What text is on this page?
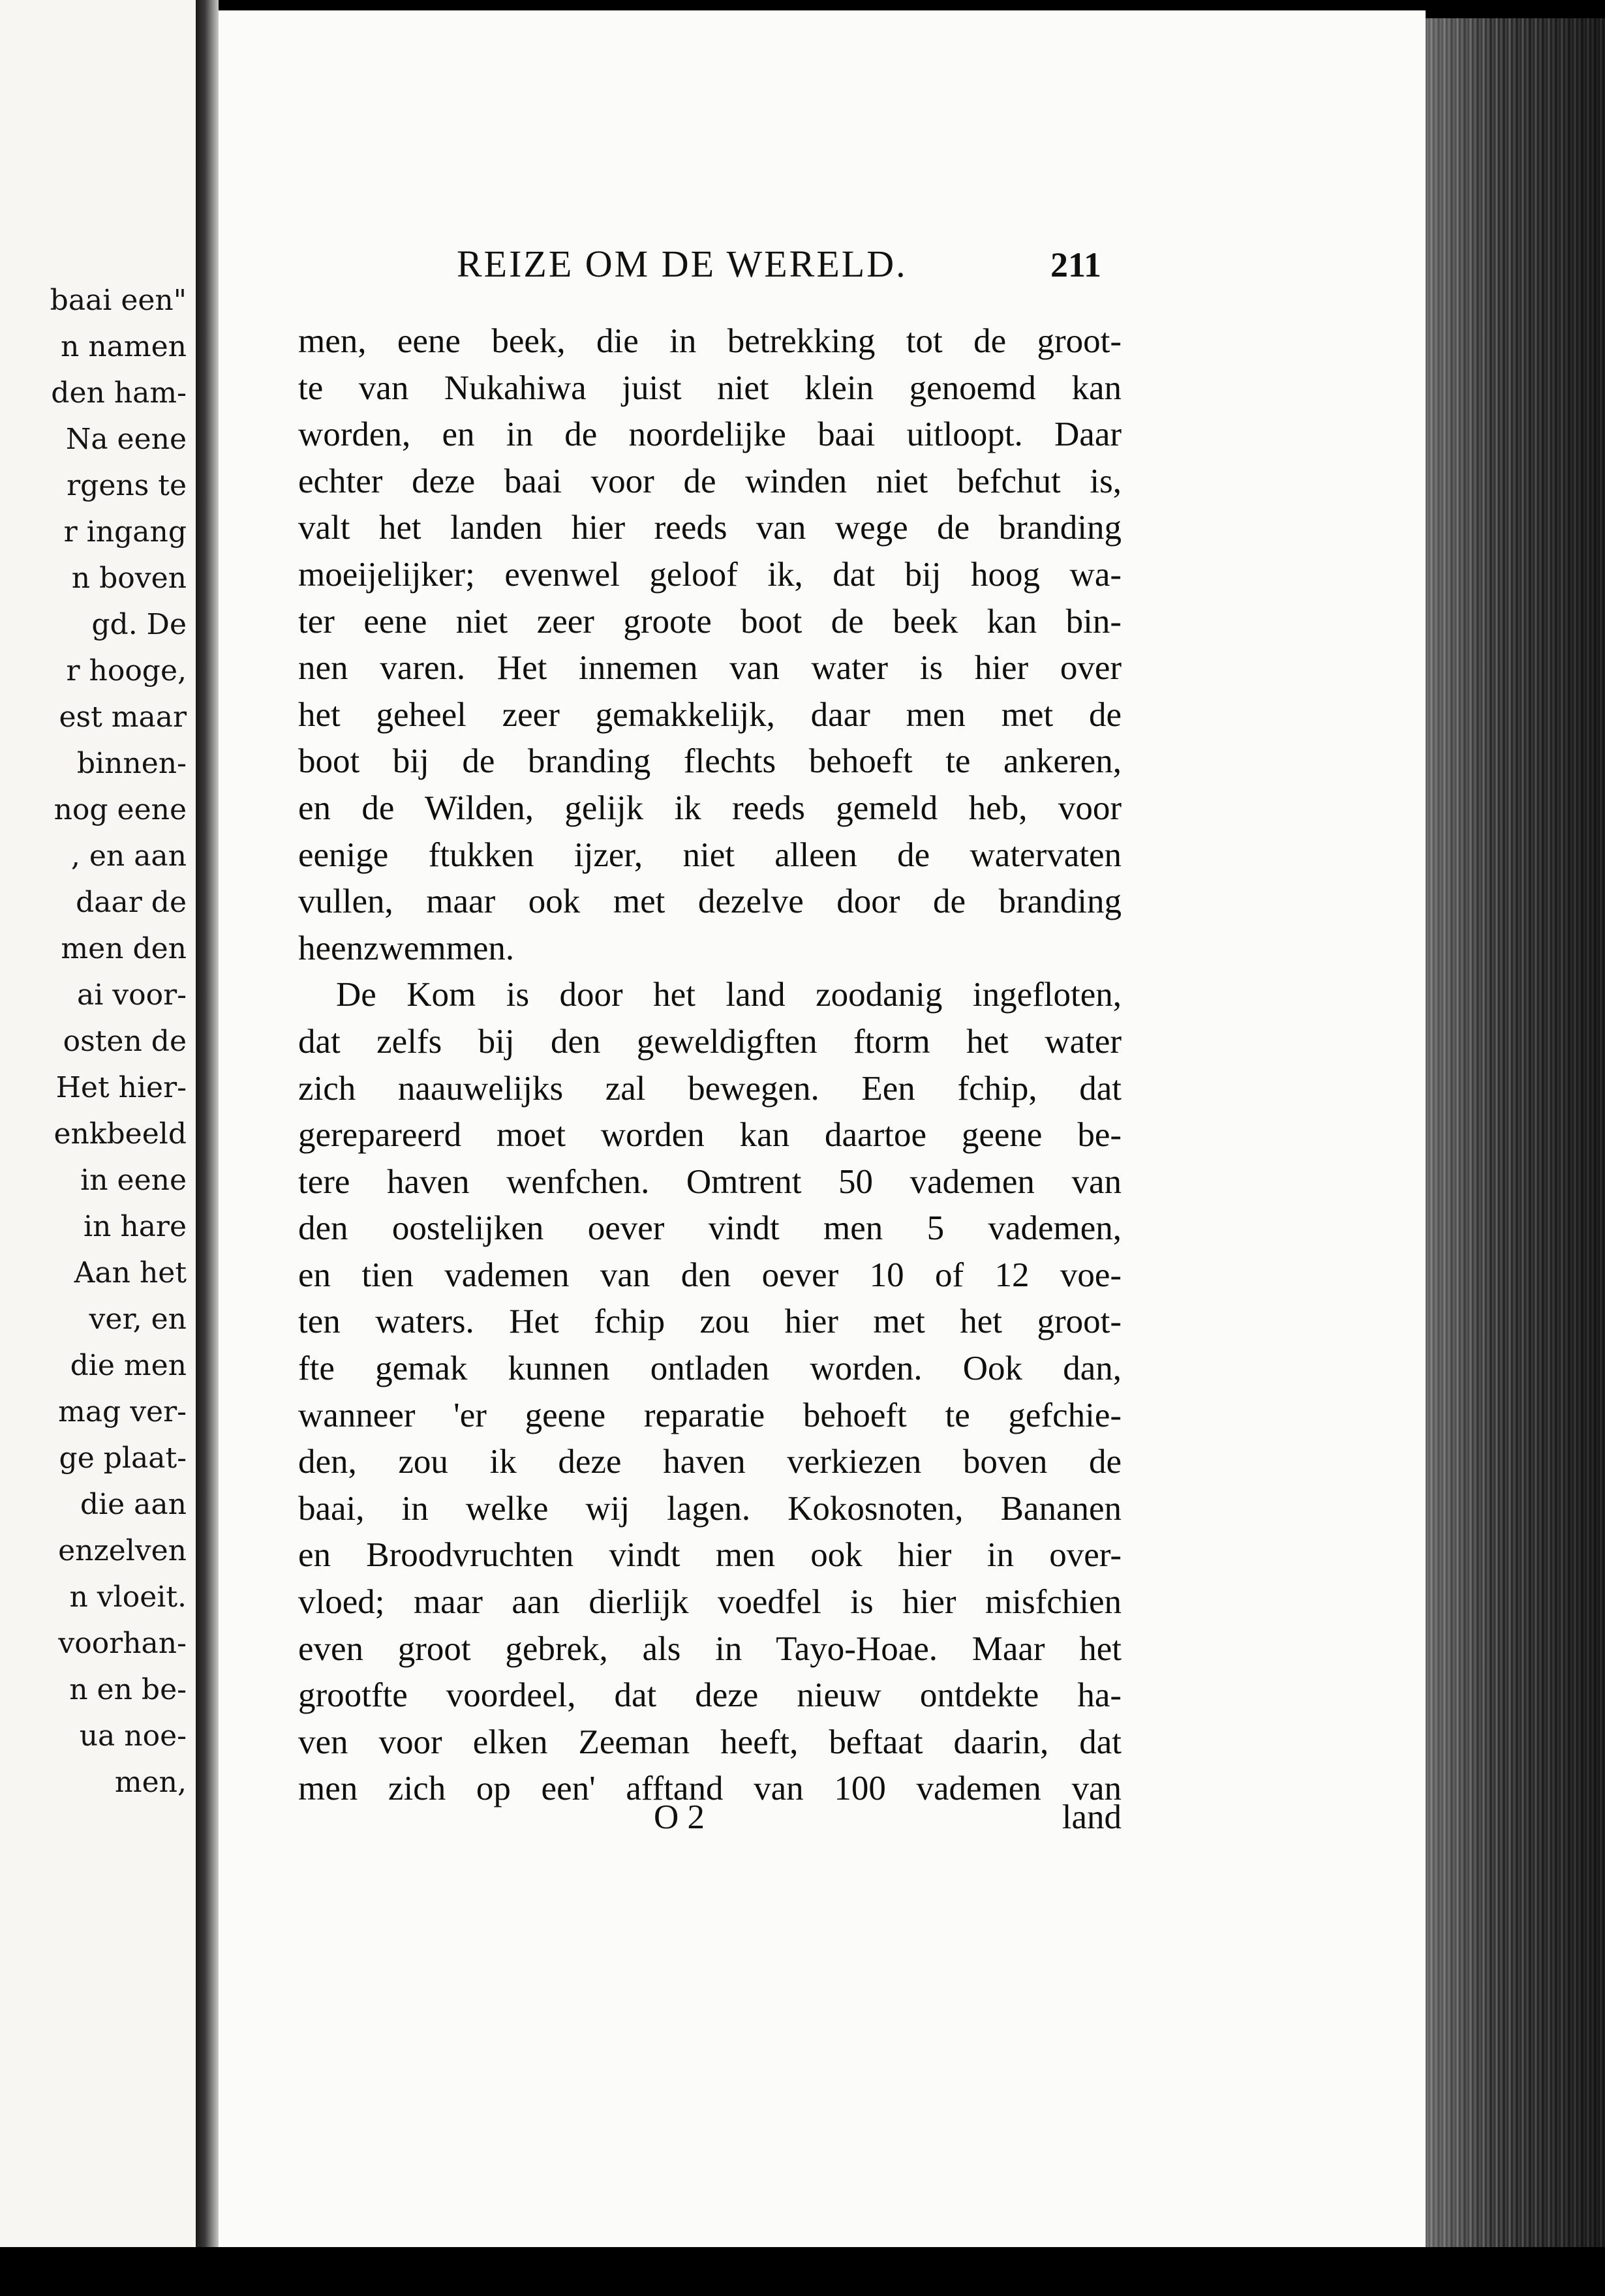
baai een"
n namen
den ham-
Na eene
rgens te
r ingang
n boven
gd. De
r hooge,
est maar
binnen-
nog eene
, en aan
daar de
men den
ai voor-
osten de
Het hier-
enkbeeld
in eene
in hare
Aan het
ver, en
die men
mag ver-
ge plaat-
die aan
enzelven
n vloeit.
voorhan-
n en be-
ua noe-
men,
REIZE OM DE WERELD.	211
men, eene beek, die in betrekking tot de groot-
te van Nukahiwa juist niet klein genoemd kan
worden, en in de noordelijke baai uitloopt. Daar
echter deze baai voor de winden niet befchut is,
valt het landen hier reeds van wege de branding
moeijelijker; evenwel geloof ik, dat bij hoog wa-
ter eene niet zeer groote boot de beek kan bin-
nen varen. Het innemen van water is hier over
het geheel zeer gemakkelijk, daar men met de
boot bij de branding flechts behoeft te ankeren,
en de Wilden, gelijk ik reeds gemeld heb, voor
eenige ftukken ijzer, niet alleen de watervaten
vullen, maar ook met dezelve door de branding
heenzwemmen.
De Kom is door het land zoodanig ingefloten,
dat zelfs bij den geweldigften ftorm het water
zich naauwelijks zal bewegen. Een fchip, dat
gerepareerd moet worden kan daartoe geene be-
tere haven wenfchen. Omtrent 50 vademen van
den oostelijken oever vindt men 5 vademen,
en tien vademen van den oever 10 of 12 voe-
ten waters. Het fchip zou hier met het groot-
fte gemak kunnen ontladen worden. Ook dan,
wanneer 'er geene reparatie behoeft te gefchie-
den, zou ik deze haven verkiezen boven de
baai, in welke wij lagen. Kokosnoten, Bananen
en Broodvruchten vindt men ook hier in over-
vloed; maar aan dierlijk voedfel is hier misfchien
even groot gebrek, als in Tayo-Hoae. Maar het
grootfte voordeel, dat deze nieuw ontdekte ha-
ven voor elken Zeeman heeft, beftaat daarin, dat
men zich op een' afftand van 100 vademen van
O 2	land
